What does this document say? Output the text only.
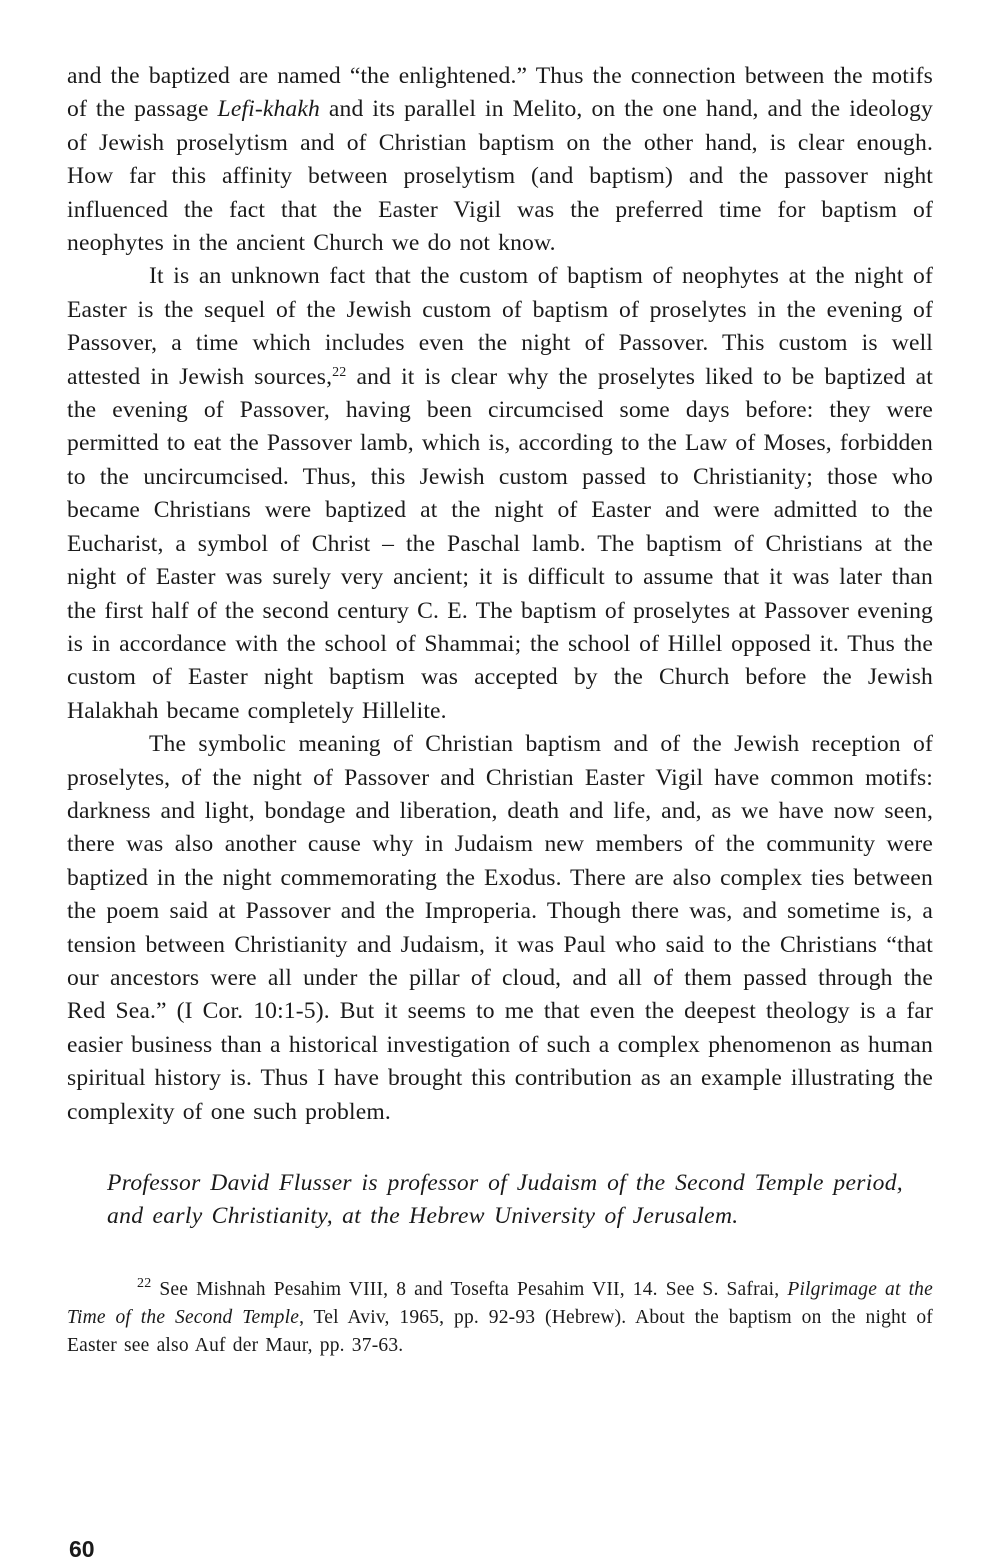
and the baptized are named “the enlightened.” Thus the connection between the motifs of the passage Lefi-khakh and its parallel in Melito, on the one hand, and the ideology of Jewish proselytism and of Christian baptism on the other hand, is clear enough. How far this affinity between proselytism (and baptism) and the passover night influenced the fact that the Easter Vigil was the preferred time for baptism of neophytes in the ancient Church we do not know.

It is an unknown fact that the custom of baptism of neophytes at the night of Easter is the sequel of the Jewish custom of baptism of proselytes in the evening of Passover, a time which includes even the night of Passover. This custom is well attested in Jewish sources,$^{22}$ and it is clear why the proselytes liked to be baptized at the evening of Passover, having been circumcised some days before: they were permitted to eat the Passover lamb, which is, according to the Law of Moses, forbidden to the uncircumcised. Thus, this Jewish custom passed to Christianity; those who became Christians were baptized at the night of Easter and were admitted to the Eucharist, a symbol of Christ – the Paschal lamb. The baptism of Christians at the night of Easter was surely very ancient; it is difficult to assume that it was later than the first half of the second century C. E. The baptism of proselytes at Passover evening is in accordance with the school of Shammai; the school of Hillel opposed it. Thus the custom of Easter night baptism was accepted by the Church before the Jewish Halakhah became completely Hillelite.

The symbolic meaning of Christian baptism and of the Jewish reception of proselytes, of the night of Passover and Christian Easter Vigil have common motifs: darkness and light, bondage and liberation, death and life, and, as we have now seen, there was also another cause why in Judaism new members of the community were baptized in the night commemorating the Exodus. There are also complex ties between the poem said at Passover and the Improperia. Though there was, and sometime is, a tension between Christianity and Judaism, it was Paul who said to the Christians “that our ancestors were all under the pillar of cloud, and all of them passed through the Red Sea.” (I Cor. 10:1-5). But it seems to me that even the deepest theology is a far easier business than a historical investigation of such a complex phenomenon as human spiritual history is. Thus I have brought this contribution as an example illustrating the complexity of one such problem.

Professor David Flusser is professor of Judaism of the Second Temple period, and early Christianity, at the Hebrew University of Jerusalem.

$^{22}$ See Mishnah Pesahim VIII, 8 and Tosefta Pesahim VII, 14. See S. Safrai, Pilgrimage at the Time of the Second Temple, Tel Aviv, 1965, pp. 92-93 (Hebrew). About the baptism on the night of Easter see also Auf der Maur, pp. 37-63.

60
